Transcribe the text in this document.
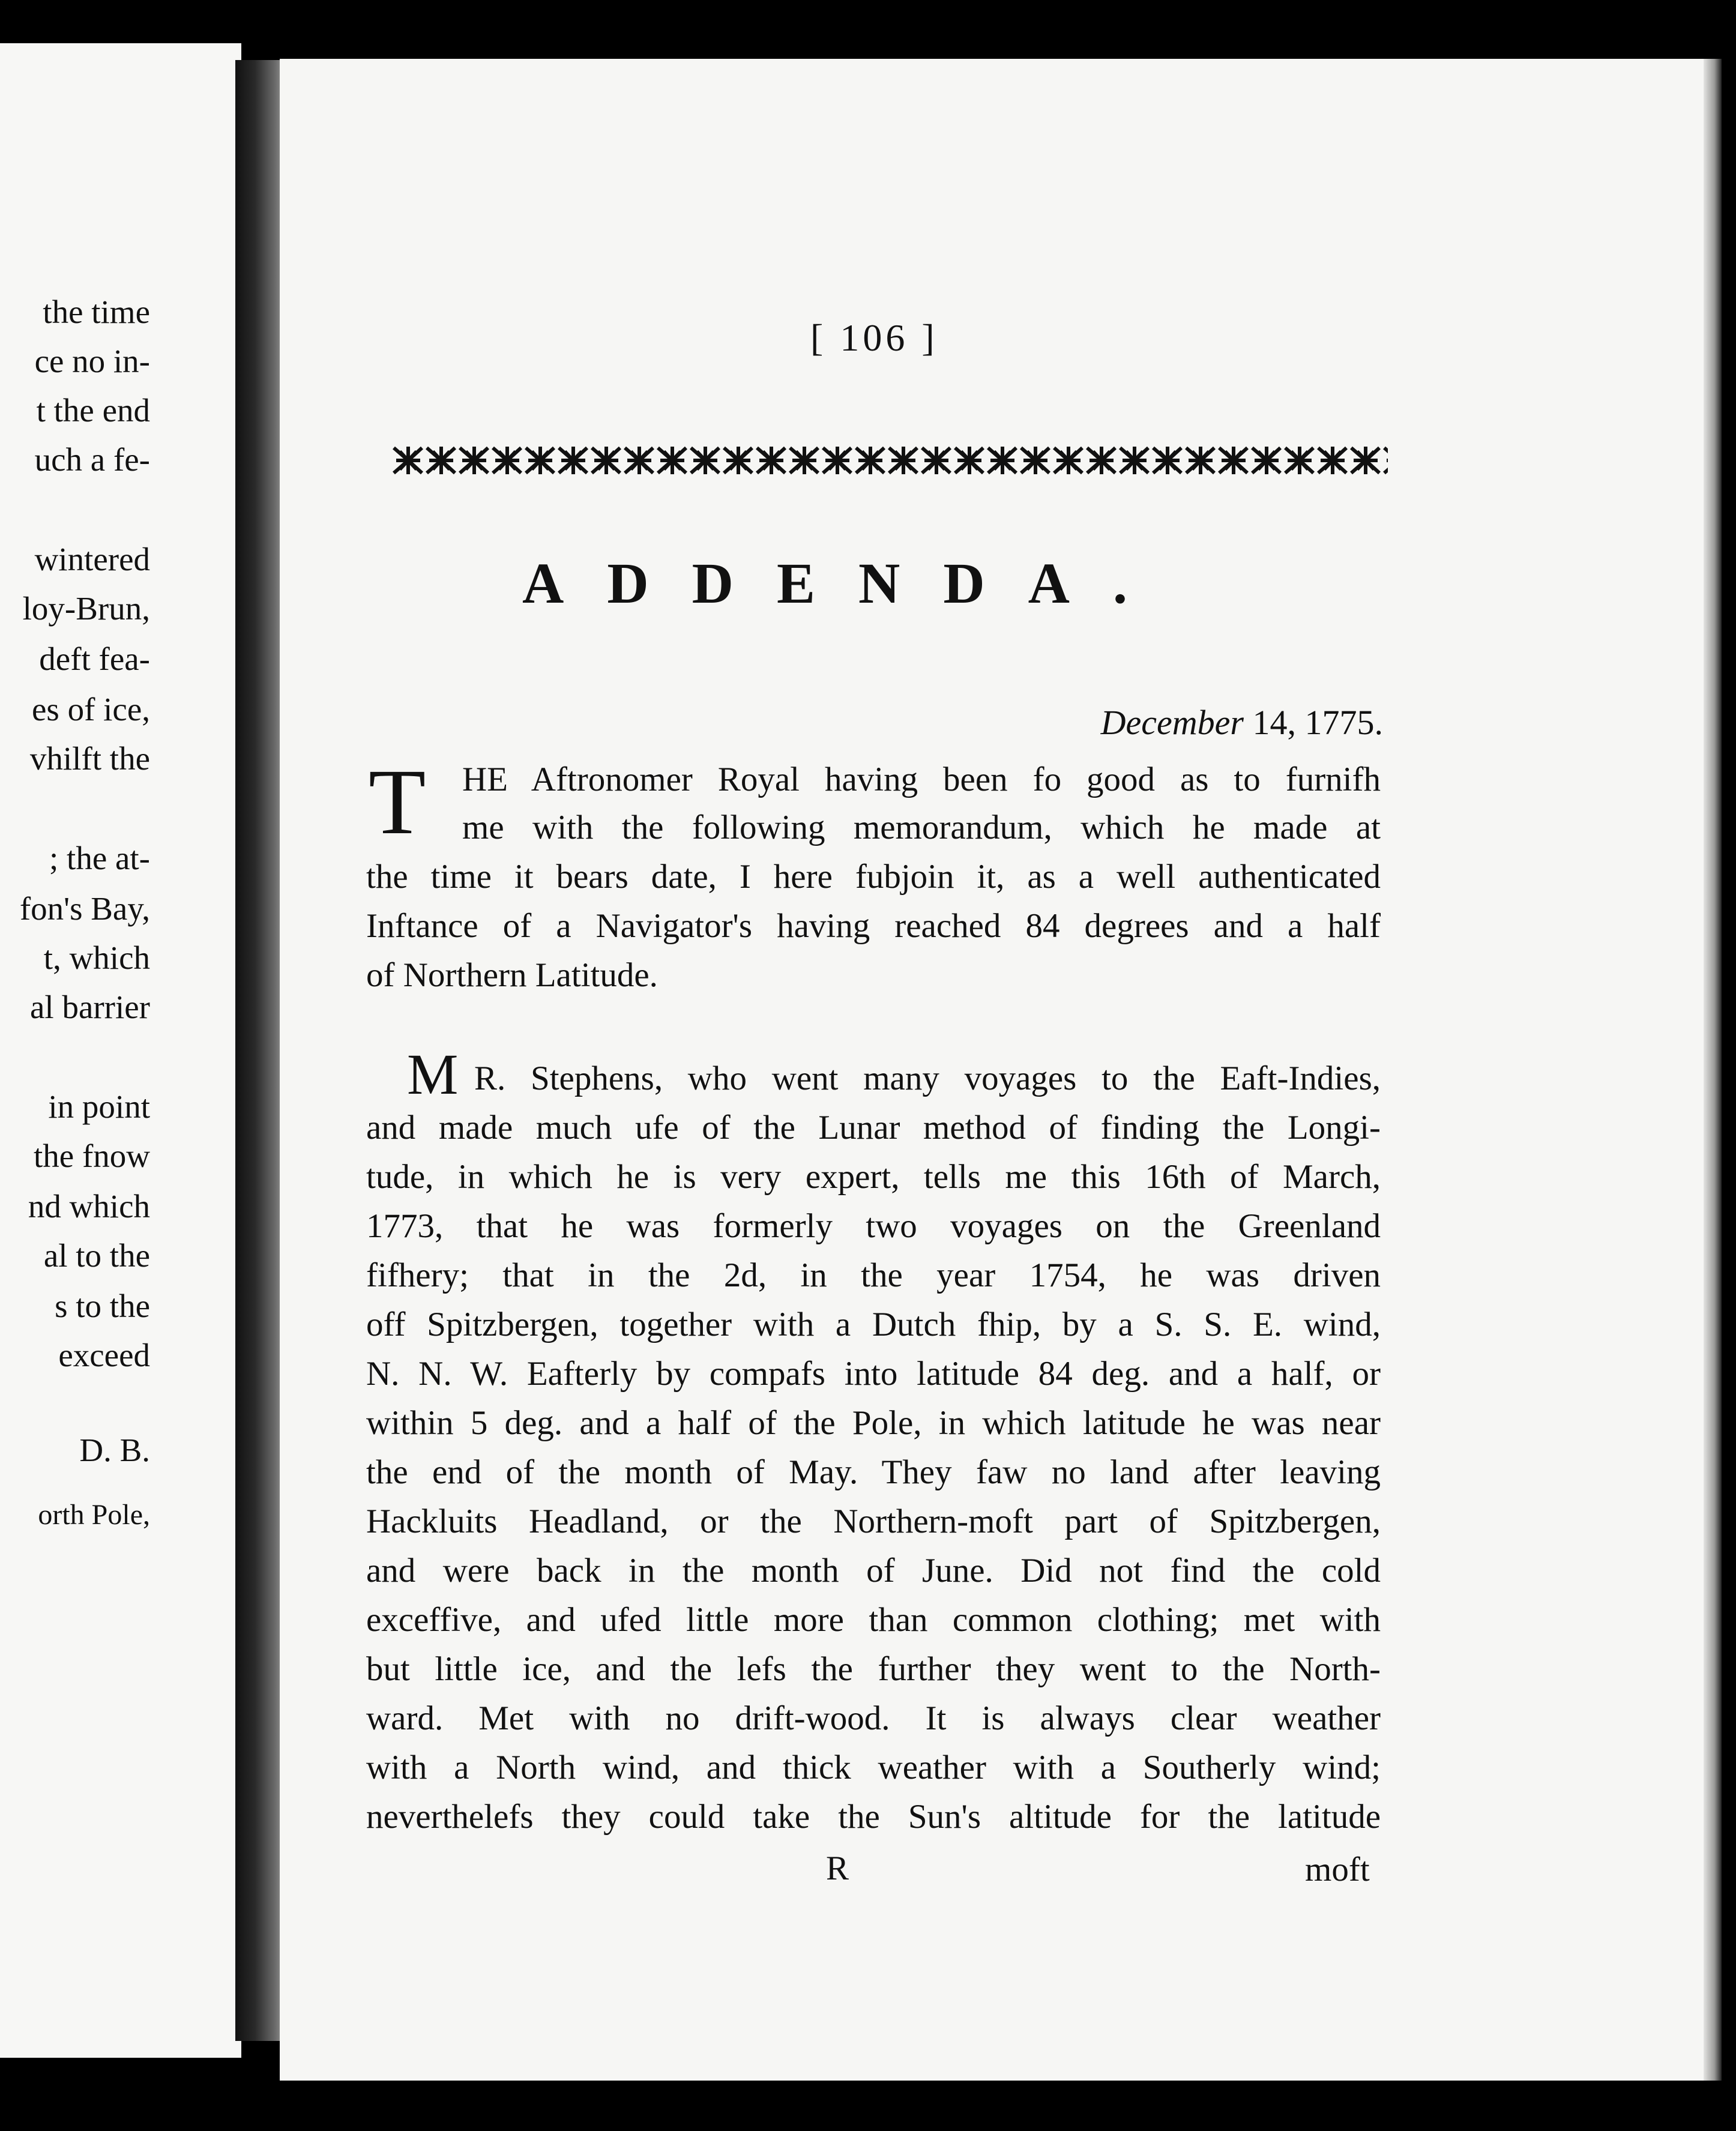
the time
ce no in-
t the end
uch a fe-
wintered
loy-Brun,
deft fea-
es of ice,
vhilft the
; the at-
fon's Bay,
t, which
al barrier
in point
the fnow
nd which
al to the
s to the
exceed
D. B.
orth Pole,
[ 106 ]
ADDENDA.
December 14, 1775.
T HE Aftronomer Royal having been fo good as to furnifh
me with the following memorandum, which he made at
the time it bears date, I here fubjoin it, as a well authenticated
Inftance of a Navigator's having reached 84 degrees and a half
of Northern Latitude.
M R. Stephens, who went many voyages to the Eaft-Indies,
and made much ufe of the Lunar method of finding the Longi-
tude, in which he is very expert, tells me this 16th of March,
1773, that he was formerly two voyages on the Greenland
fifhery; that in the 2d, in the year 1754, he was driven
off Spitzbergen, together with a Dutch fhip, by a S. S. E. wind,
N. N. W. Eafterly by compafs into latitude 84 deg. and a half, or
within 5 deg. and a half of the Pole, in which latitude he was near
the end of the month of May. They faw no land after leaving
Hackluits Headland, or the Northern-moft part of Spitzbergen,
and were back in the month of June. Did not find the cold
exceffive, and ufed little more than common clothing; met with
but little ice, and the lefs the further they went to the North-
ward. Met with no drift-wood. It is always clear weather
with a North wind, and thick weather with a Southerly wind;
neverthelefs they could take the Sun's altitude for the latitude
R	moft
